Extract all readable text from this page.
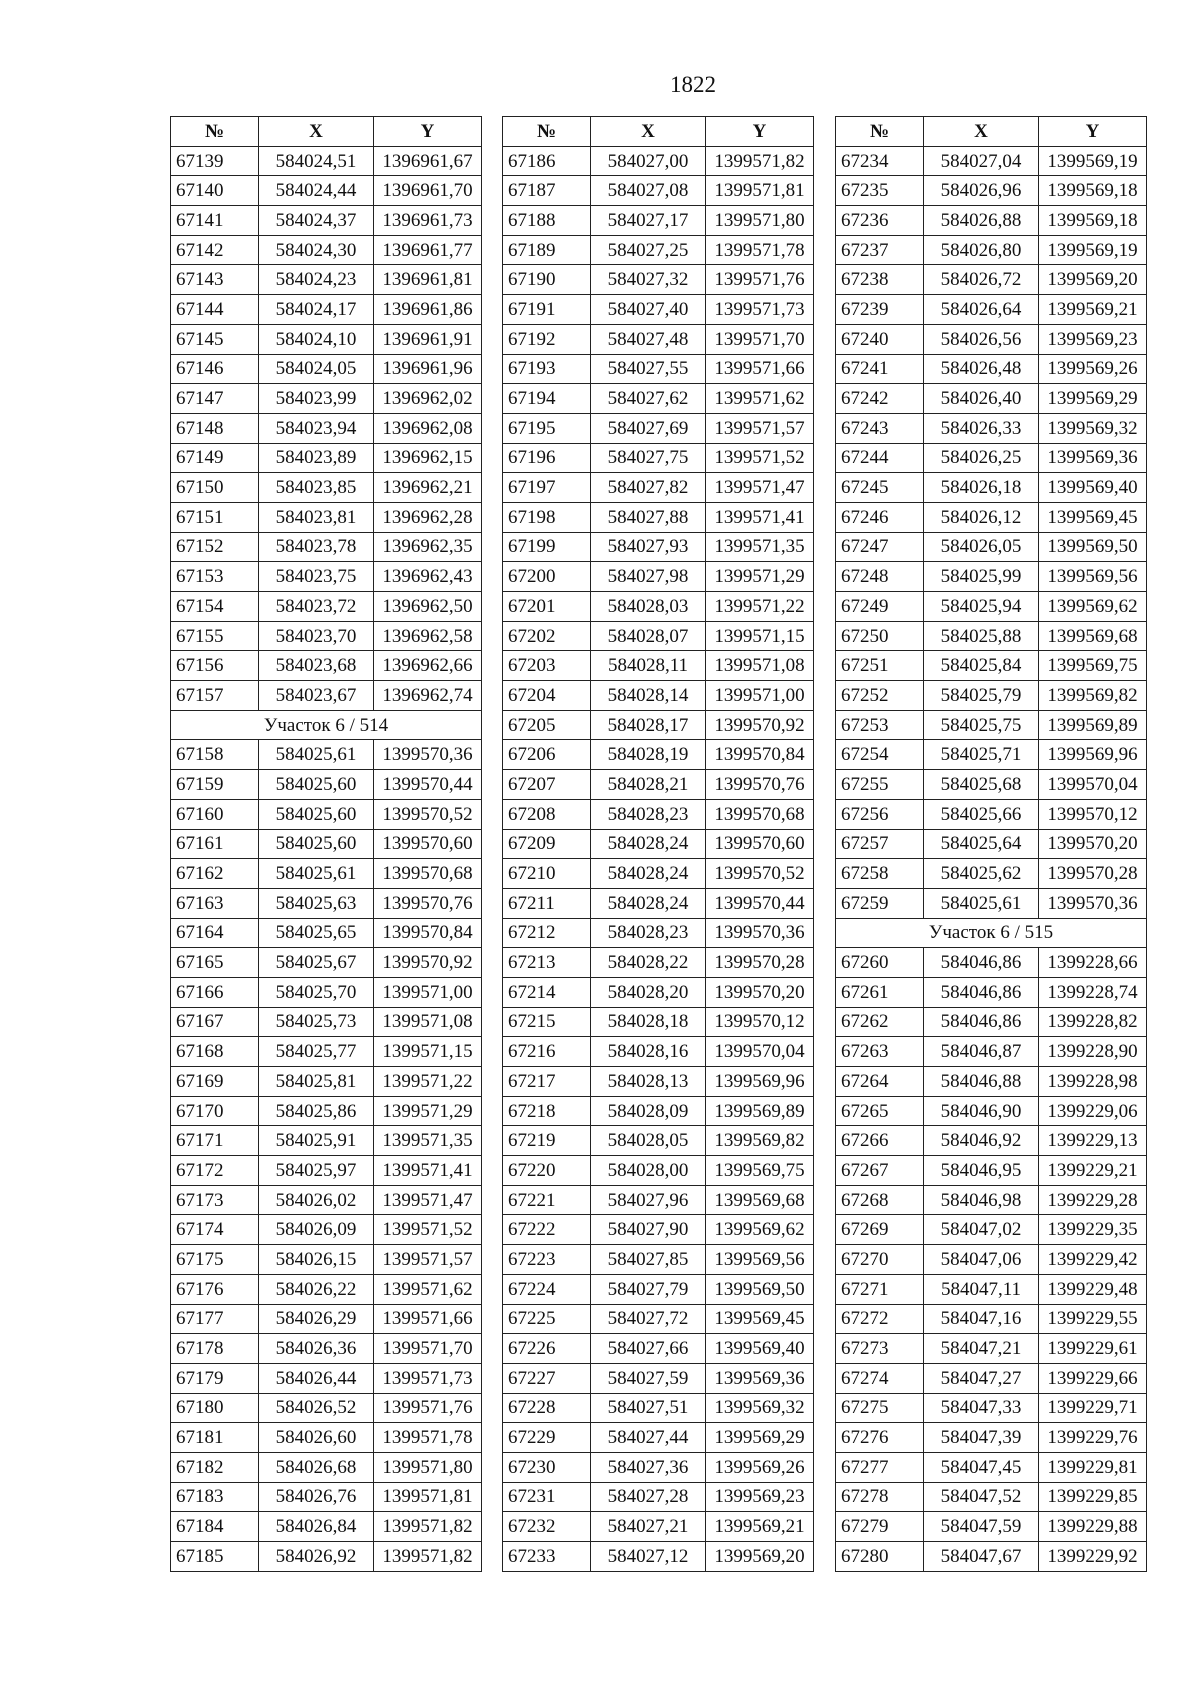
1822
№	X	Y
67139	584024,51	1396961,67
67140	584024,44	1396961,70
67141	584024,37	1396961,73
67142	584024,30	1396961,77
67143	584024,23	1396961,81
67144	584024,17	1396961,86
67145	584024,10	1396961,91
67146	584024,05	1396961,96
67147	584023,99	1396962,02
67148	584023,94	1396962,08
67149	584023,89	1396962,15
67150	584023,85	1396962,21
67151	584023,81	1396962,28
67152	584023,78	1396962,35
67153	584023,75	1396962,43
67154	584023,72	1396962,50
67155	584023,70	1396962,58
67156	584023,68	1396962,66
67157	584023,67	1396962,74
Участок 6 / 514		
67158	584025,61	1399570,36
67159	584025,60	1399570,44
67160	584025,60	1399570,52
67161	584025,60	1399570,60
67162	584025,61	1399570,68
67163	584025,63	1399570,76
67164	584025,65	1399570,84
67165	584025,67	1399570,92
67166	584025,70	1399571,00
67167	584025,73	1399571,08
67168	584025,77	1399571,15
67169	584025,81	1399571,22
67170	584025,86	1399571,29
67171	584025,91	1399571,35
67172	584025,97	1399571,41
67173	584026,02	1399571,47
67174	584026,09	1399571,52
67175	584026,15	1399571,57
67176	584026,22	1399571,62
67177	584026,29	1399571,66
67178	584026,36	1399571,70
67179	584026,44	1399571,73
67180	584026,52	1399571,76
67181	584026,60	1399571,78
67182	584026,68	1399571,80
67183	584026,76	1399571,81
67184	584026,84	1399571,82
67185	584026,92	1399571,82
№	X	Y
67186	584027,00	1399571,82
67187	584027,08	1399571,81
67188	584027,17	1399571,80
67189	584027,25	1399571,78
67190	584027,32	1399571,76
67191	584027,40	1399571,73
67192	584027,48	1399571,70
67193	584027,55	1399571,66
67194	584027,62	1399571,62
67195	584027,69	1399571,57
67196	584027,75	1399571,52
67197	584027,82	1399571,47
67198	584027,88	1399571,41
67199	584027,93	1399571,35
67200	584027,98	1399571,29
67201	584028,03	1399571,22
67202	584028,07	1399571,15
67203	584028,11	1399571,08
67204	584028,14	1399571,00
67205	584028,17	1399570,92
67206	584028,19	1399570,84
67207	584028,21	1399570,76
67208	584028,23	1399570,68
67209	584028,24	1399570,60
67210	584028,24	1399570,52
67211	584028,24	1399570,44
67212	584028,23	1399570,36
67213	584028,22	1399570,28
67214	584028,20	1399570,20
67215	584028,18	1399570,12
67216	584028,16	1399570,04
67217	584028,13	1399569,96
67218	584028,09	1399569,89
67219	584028,05	1399569,82
67220	584028,00	1399569,75
67221	584027,96	1399569,68
67222	584027,90	1399569,62
67223	584027,85	1399569,56
67224	584027,79	1399569,50
67225	584027,72	1399569,45
67226	584027,66	1399569,40
67227	584027,59	1399569,36
67228	584027,51	1399569,32
67229	584027,44	1399569,29
67230	584027,36	1399569,26
67231	584027,28	1399569,23
67232	584027,21	1399569,21
67233	584027,12	1399569,20
№	X	Y
67234	584027,04	1399569,19
67235	584026,96	1399569,18
67236	584026,88	1399569,18
67237	584026,80	1399569,19
67238	584026,72	1399569,20
67239	584026,64	1399569,21
67240	584026,56	1399569,23
67241	584026,48	1399569,26
67242	584026,40	1399569,29
67243	584026,33	1399569,32
67244	584026,25	1399569,36
67245	584026,18	1399569,40
67246	584026,12	1399569,45
67247	584026,05	1399569,50
67248	584025,99	1399569,56
67249	584025,94	1399569,62
67250	584025,88	1399569,68
67251	584025,84	1399569,75
67252	584025,79	1399569,82
67253	584025,75	1399569,89
67254	584025,71	1399569,96
67255	584025,68	1399570,04
67256	584025,66	1399570,12
67257	584025,64	1399570,20
67258	584025,62	1399570,28
67259	584025,61	1399570,36
Участок 6 / 515		
67260	584046,86	1399228,66
67261	584046,86	1399228,74
67262	584046,86	1399228,82
67263	584046,87	1399228,90
67264	584046,88	1399228,98
67265	584046,90	1399229,06
67266	584046,92	1399229,13
67267	584046,95	1399229,21
67268	584046,98	1399229,28
67269	584047,02	1399229,35
67270	584047,06	1399229,42
67271	584047,11	1399229,48
67272	584047,16	1399229,55
67273	584047,21	1399229,61
67274	584047,27	1399229,66
67275	584047,33	1399229,71
67276	584047,39	1399229,76
67277	584047,45	1399229,81
67278	584047,52	1399229,85
67279	584047,59	1399229,88
67280	584047,67	1399229,92
